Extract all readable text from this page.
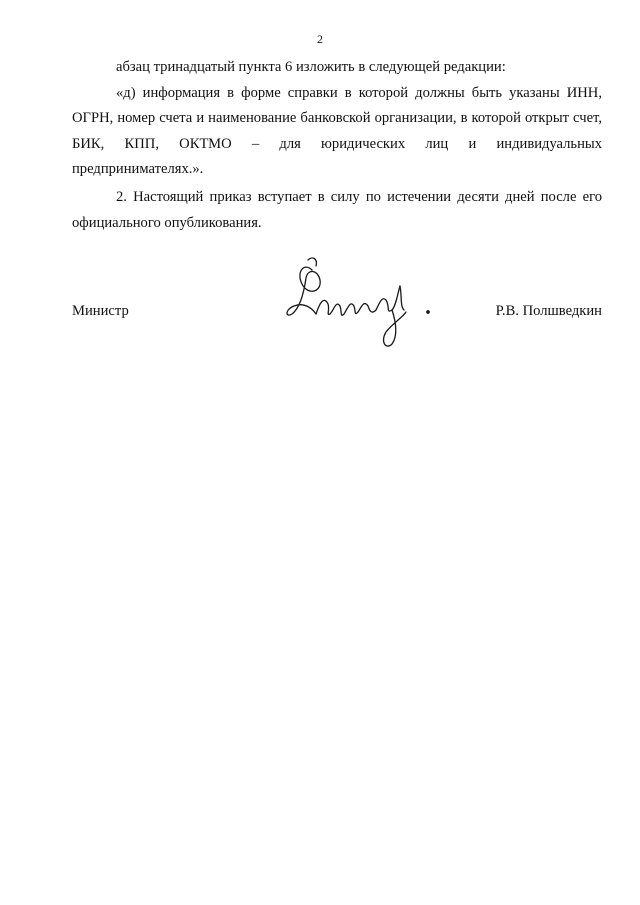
2

абзац тринадцатый пункта 6 изложить в следующей редакции:

«д) информация в форме справки в которой должны быть указаны ИНН, ОГРН, номер счета и наименование банковской организации, в которой открыт счет, БИК, КПП, ОКТМО – для юридических лиц и индивидуальных предпринимателях.».

2. Настоящий приказ вступает в силу по истечении десяти дней после его официального опубликования.

Министр	Р.В. Полшведкин
